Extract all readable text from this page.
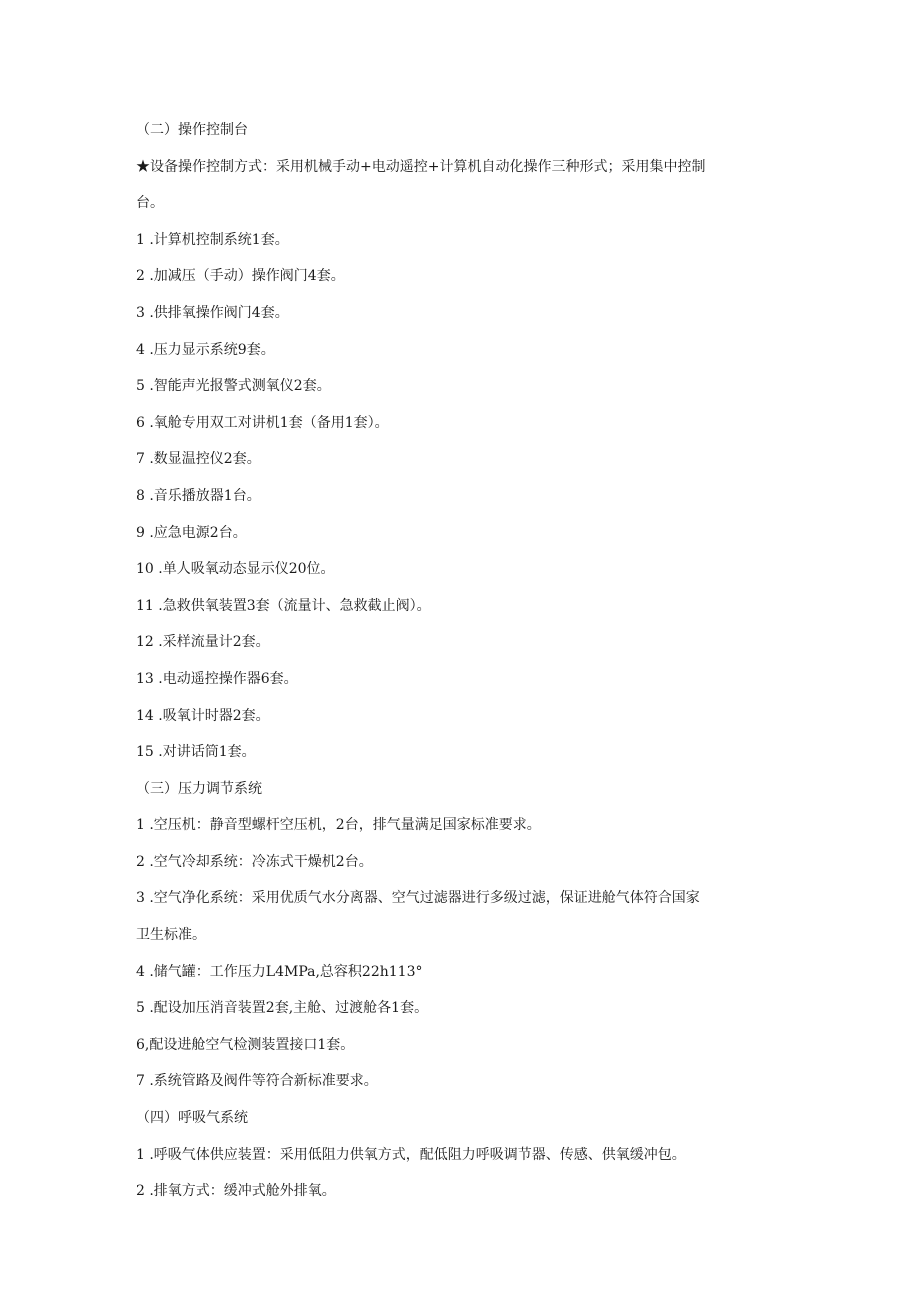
（二）操作控制台
★设备操作控制方式：采用机械手动+电动遥控+计算机自动化操作三种形式；采用集中控制
台。
1 .计算机控制系统1套。
2 .加减压（手动）操作阀门4套。
3 .供排氧操作阀门4套。
4 .压力显示系统9套。
5 .智能声光报警式测氧仪2套。
6 .氧舱专用双工对讲机1套（备用1套）。
7 .数显温控仪2套。
8 .音乐播放器1台。
9 .应急电源2台。
10 .单人吸氧动态显示仪20位。
11 .急救供氧装置3套（流量计、急救截止阀）。
12 .采样流量计2套。
13 .电动遥控操作器6套。
14 .吸氧计时器2套。
15 .对讲话筒1套。
（三）压力调节系统
1 .空压机：静音型螺杆空压机，2台，排气量满足国家标准要求。
2 .空气冷却系统：冷冻式干燥机2台。
3 .空气净化系统：采用优质气水分离器、空气过滤器进行多级过滤，保证进舱气体符合国家
卫生标准。
4 .储气罐：工作压力L4MPa,总容积22h113°
5 .配设加压消音装置2套,主舱、过渡舱各1套。
6,配设进舱空气检测装置接口1套。
7 .系统管路及阀件等符合新标准要求。
（四）呼吸气系统
1 .呼吸气体供应装置：采用低阻力供氧方式，配低阻力呼吸调节器、传感、供氧缓冲包。
2 .排氧方式：缓冲式舱外排氧。
